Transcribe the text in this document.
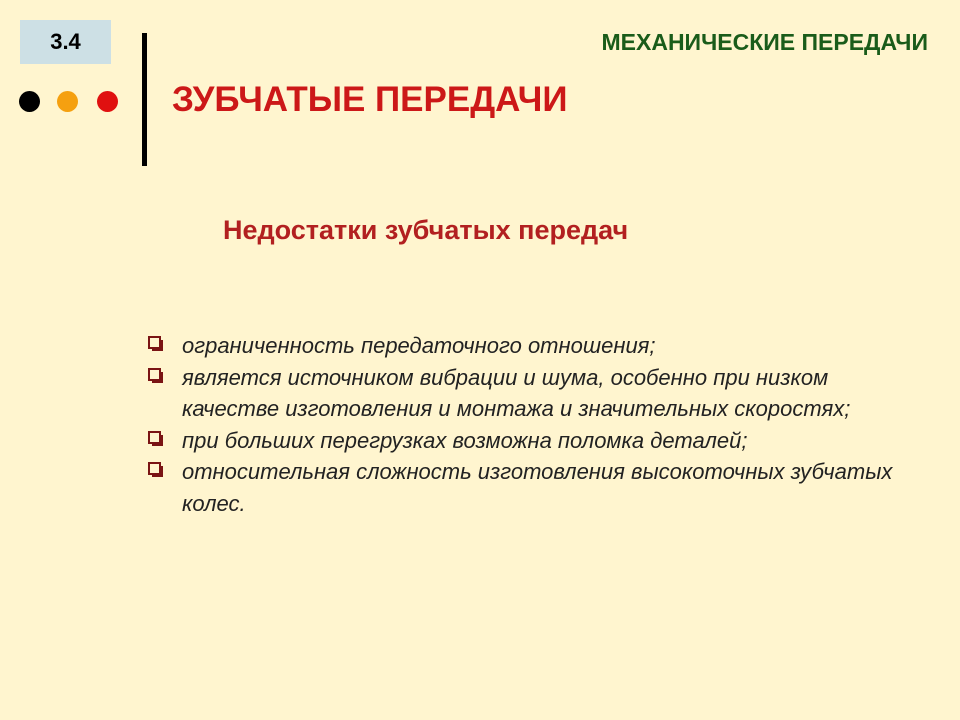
3.4	МЕХАНИЧЕСКИЕ ПЕРЕДАЧИ
ЗУБЧАТЫЕ ПЕРЕДАЧИ
Недостатки зубчатых передач
ограниченность передаточного отношения;
является источником вибрации и шума, особенно при низком качестве изготовления и монтажа и значительных скоростях;
при больших перегрузках возможна поломка деталей;
относительная сложность изготовления высокоточных зубчатых колес.
